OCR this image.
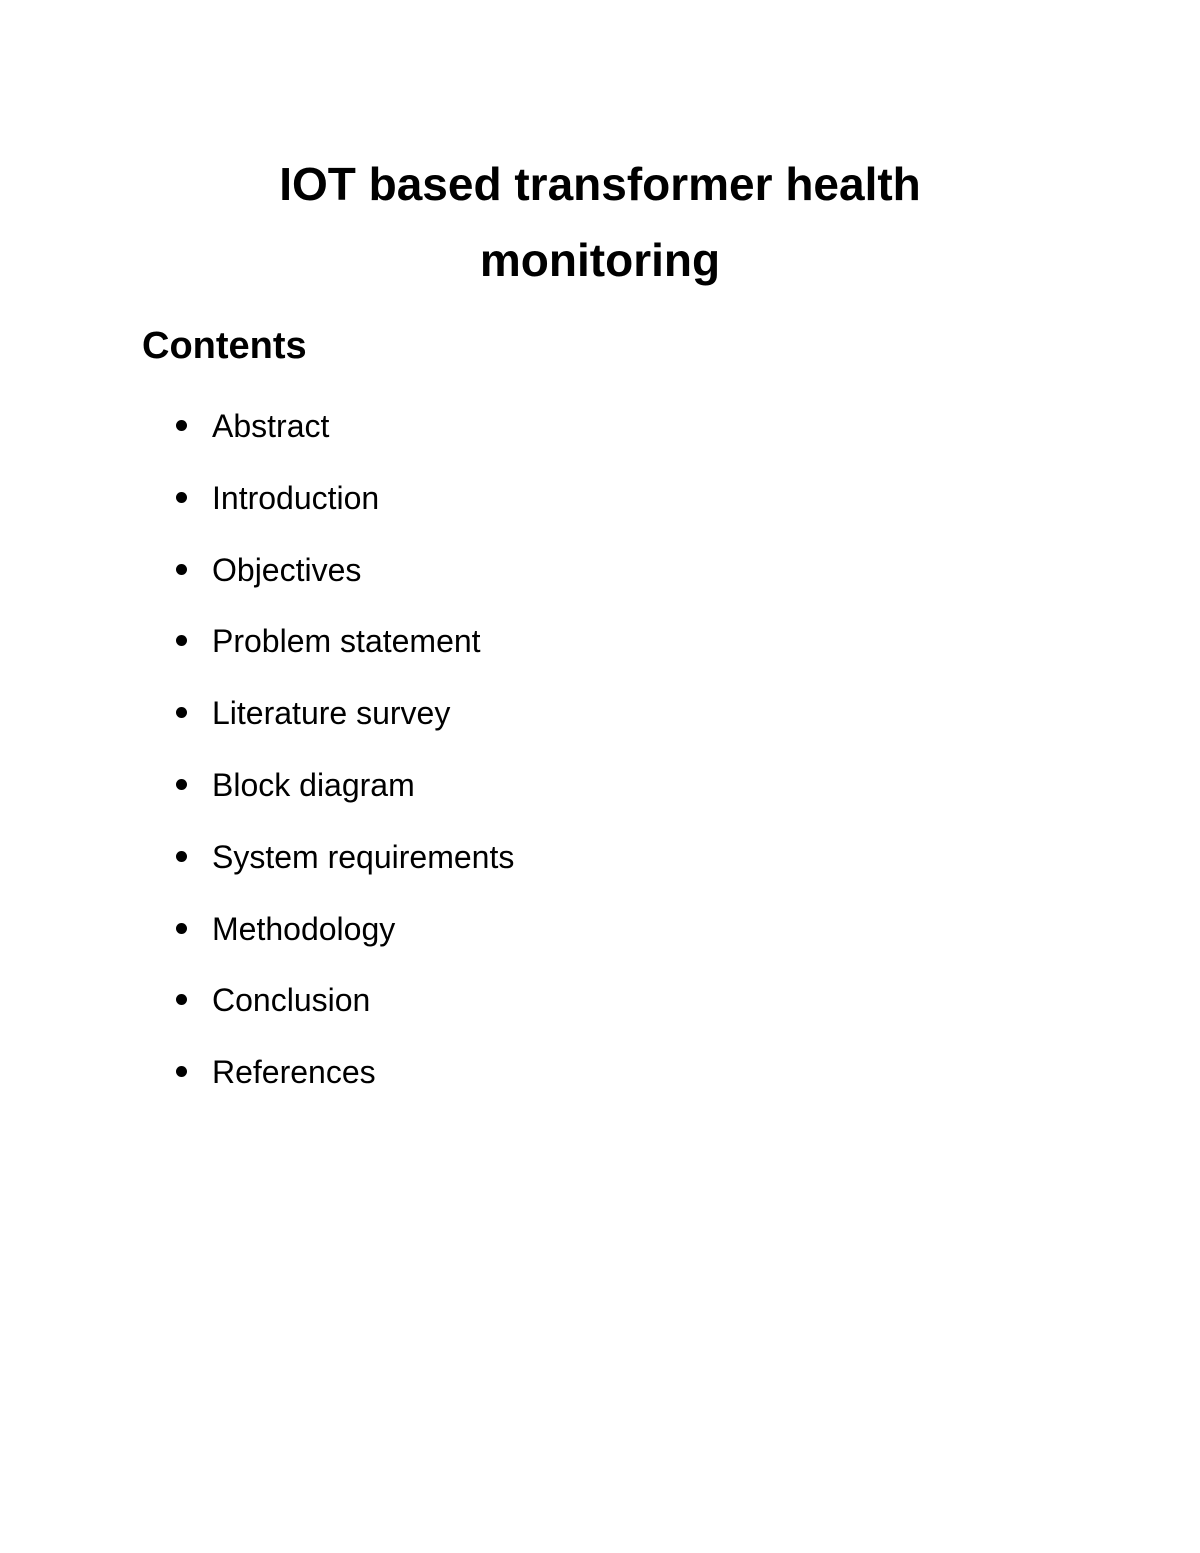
IOT based transformer health
monitoring
Contents
Abstract
Introduction
Objectives
Problem statement
Literature survey
Block diagram
System requirements
Methodology
Conclusion
References
